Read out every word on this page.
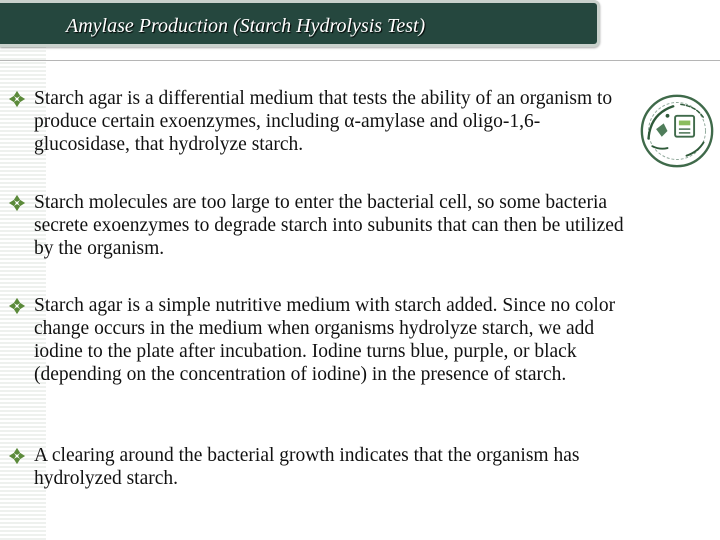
Amylase Production (Starch Hydrolysis Test)

Starch agar is a differential medium that tests the ability of an organism to produce certain exoenzymes, including α-amylase and oligo-1,6-glucosidase, that hydrolyze starch.

Starch molecules are too large to enter the bacterial cell, so some bacteria secrete exoenzymes to degrade starch into subunits that can then be utilized by the organism.

Starch agar is a simple nutritive medium with starch added. Since no color change occurs in the medium when organisms hydrolyze starch, we add iodine to the plate after incubation. Iodine turns blue, purple, or black (depending on the concentration of iodine) in the presence of starch.

A clearing around the bacterial growth indicates that the organism has hydrolyzed starch.
